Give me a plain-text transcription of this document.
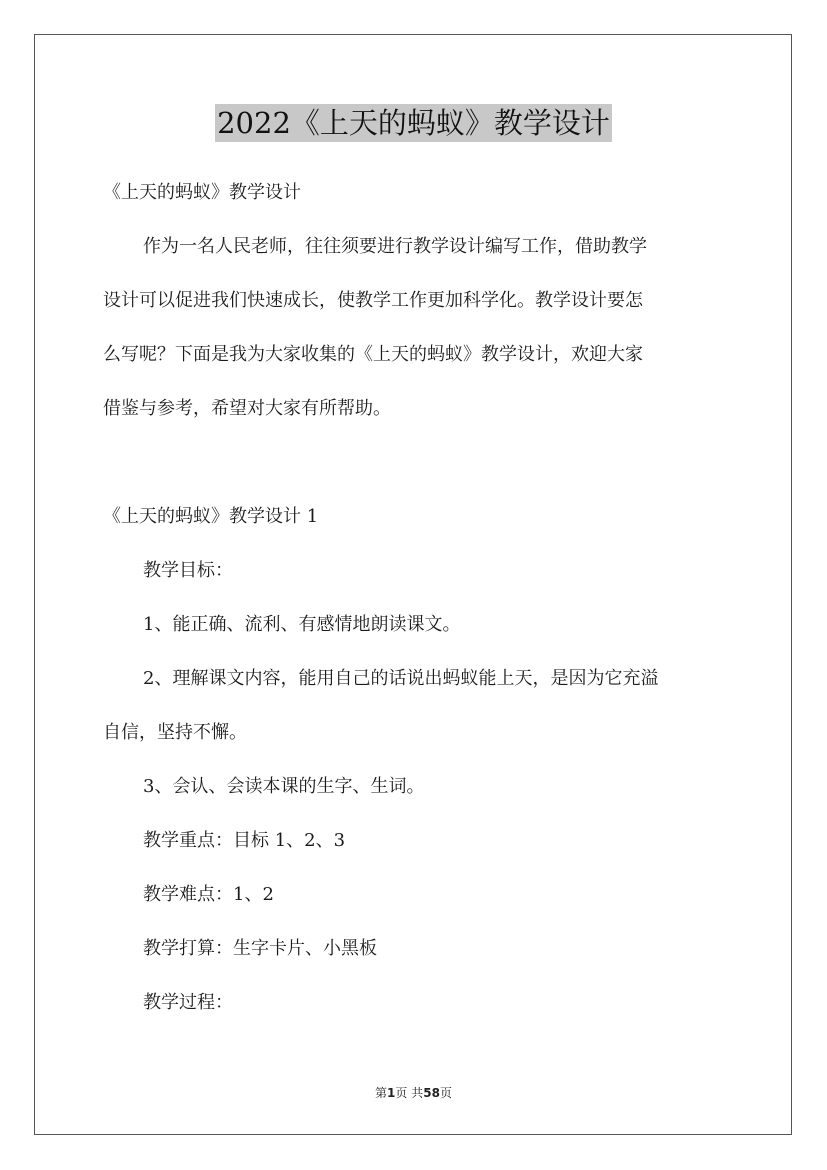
2022《上天的蚂蚁》教学设计
《上天的蚂蚁》教学设计
作为一名人民老师，往往须要进行教学设计编写工作，借助教学
设计可以促进我们快速成长，使教学工作更加科学化。教学设计要怎
么写呢？下面是我为大家收集的《上天的蚂蚁》教学设计，欢迎大家
借鉴与参考，希望对大家有所帮助。
《上天的蚂蚁》教学设计 1
教学目标：
1、能正确、流利、有感情地朗读课文。
2、理解课文内容，能用自己的话说出蚂蚁能上天，是因为它充溢
自信，坚持不懈。
3、会认、会读本课的生字、生词。
教学重点：目标 1、2、3
教学难点：1、2
教学打算：生字卡片、小黑板
教学过程：
第1页 共58页
